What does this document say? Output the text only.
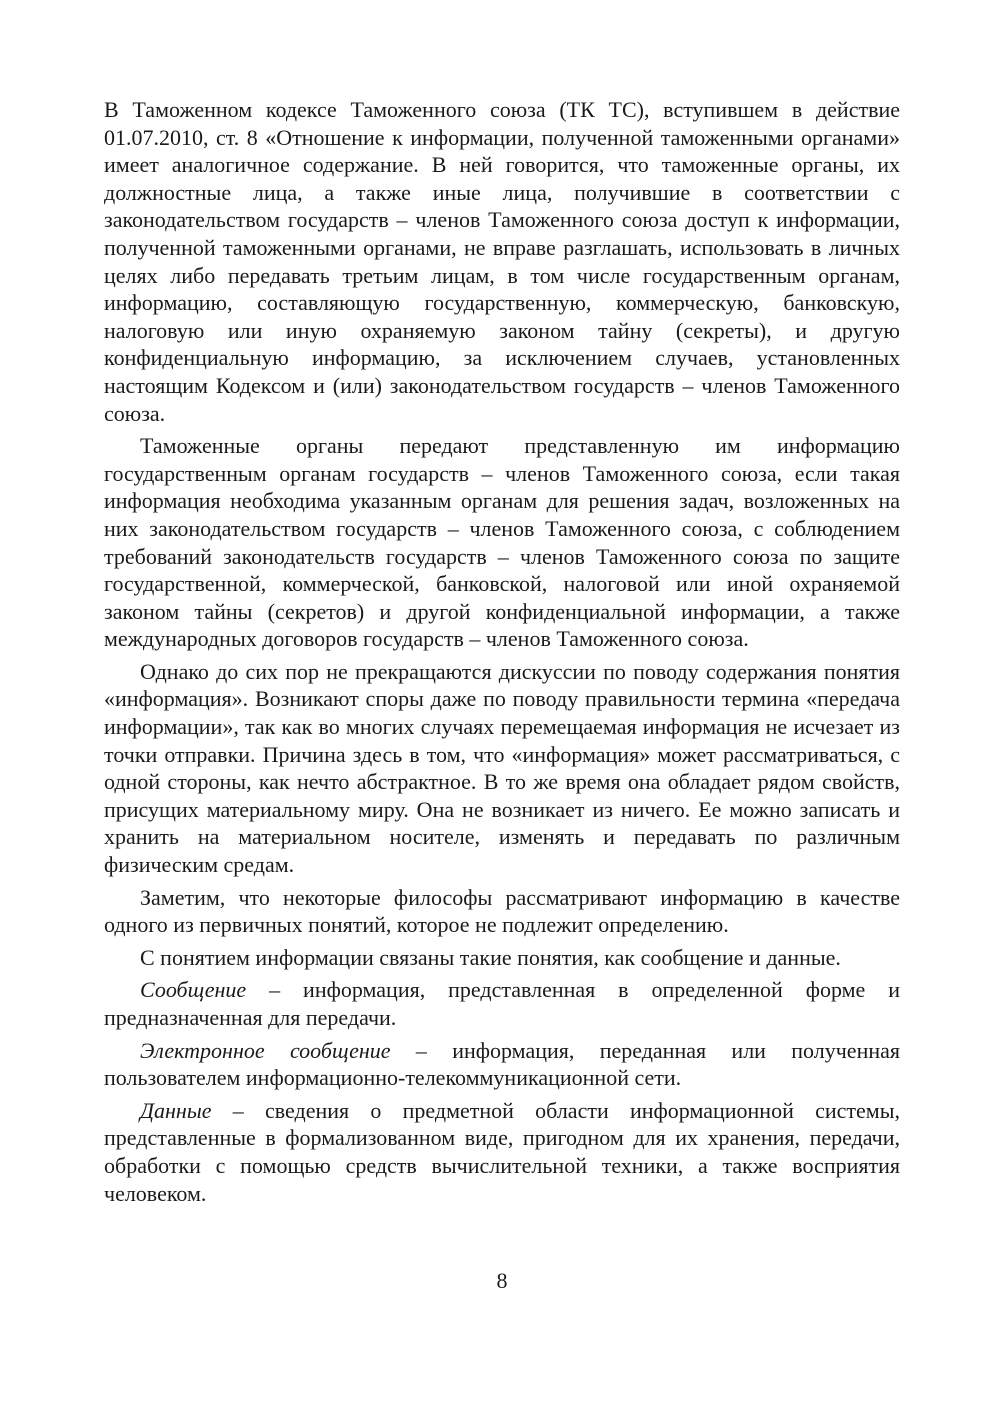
В Таможенном кодексе Таможенного союза (ТК ТС), вступившем в действие 01.07.2010, ст. 8 «Отношение к информации, полученной таможенными органами» имеет аналогичное содержание. В ней говорится, что таможенные органы, их должностные лица, а также иные лица, получившие в соответствии с законодательством государств – членов Таможенного союза доступ к информации, полученной таможенными органами, не вправе разглашать, использовать в личных целях либо передавать третьим лицам, в том числе государственным органам, информацию, составляющую государственную, коммерческую, банковскую, налоговую или иную охраняемую законом тайну (секреты), и другую конфиденциальную информацию, за исключением случаев, установленных настоящим Кодексом и (или) законодательством государств – членов Таможенного союза.

Таможенные органы передают представленную им информацию государственным органам государств – членов Таможенного союза, если такая информация необходима указанным органам для решения задач, возложенных на них законодательством государств – членов Таможенного союза, с соблюдением требований законодательств государств – членов Таможенного союза по защите государственной, коммерческой, банковской, налоговой или иной охраняемой законом тайны (секретов) и другой конфиденциальной информации, а также международных договоров государств – членов Таможенного союза.

Однако до сих пор не прекращаются дискуссии по поводу содержания понятия «информация». Возникают споры даже по поводу правильности термина «передача информации», так как во многих случаях перемещаемая информация не исчезает из точки отправки. Причина здесь в том, что «информация» может рассматриваться, с одной стороны, как нечто абстрактное. В то же время она обладает рядом свойств, присущих материальному миру. Она не возникает из ничего. Ее можно записать и хранить на материальном носителе, изменять и передавать по различным физическим средам.

Заметим, что некоторые философы рассматривают информацию в качестве одного из первичных понятий, которое не подлежит определению.

С понятием информации связаны такие понятия, как сообщение и данные.

Сообщение – информация, представленная в определенной форме и предназначенная для передачи.

Электронное сообщение – информация, переданная или полученная пользователем информационно-телекоммуникационной сети.

Данные – сведения о предметной области информационной системы, представленные в формализованном виде, пригодном для их хранения, передачи, обработки с помощью средств вычислительной техники, а также восприятия человеком.

8
